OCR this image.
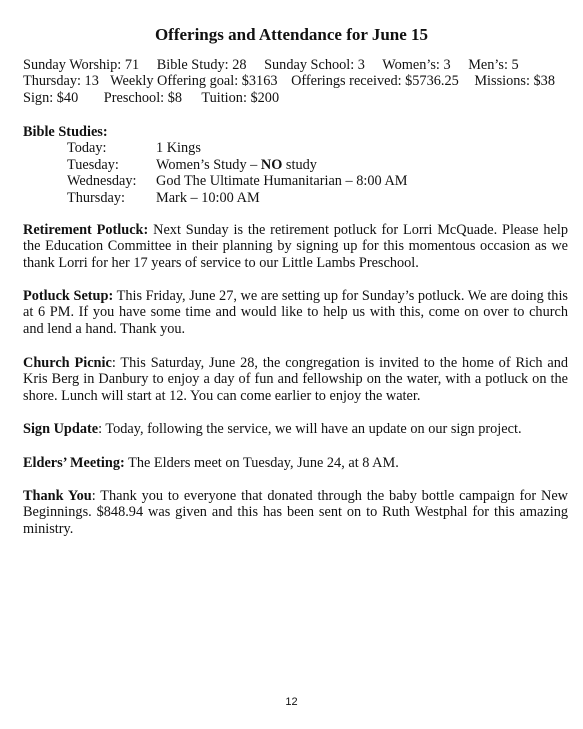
Offerings and Attendance for June 15
Sunday Worship: 71 Bible Study: 28 Sunday School: 3 Women’s: 3 Men’s: 5
Thursday: 13 Weekly Offering goal: $3163 Offerings received: $5736.25 Missions: $38
Sign: $40 Preschool: $8 Tuition: $200
Bible Studies:
Today:	1 Kings
Tuesday:	Women’s Study – NO study
Wednesday:	God The Ultimate Humanitarian – 8:00 AM
Thursday:	Mark – 10:00 AM
Retirement Potluck: Next Sunday is the retirement potluck for Lorri McQuade. Please help the Education Committee in their planning by signing up for this momentous occasion as we thank Lorri for her 17 years of service to our Little Lambs Preschool.
Potluck Setup: This Friday, June 27, we are setting up for Sunday’s potluck. We are doing this at 6 PM. If you have some time and would like to help us with this, come on over to church and lend a hand. Thank you.
Church Picnic: This Saturday, June 28, the congregation is invited to the home of Rich and Kris Berg in Danbury to enjoy a day of fun and fellowship on the water, with a potluck on the shore. Lunch will start at 12. You can come earlier to enjoy the water.
Sign Update: Today, following the service, we will have an update on our sign project.
Elders’ Meeting: The Elders meet on Tuesday, June 24, at 8 AM.
Thank You: Thank you to everyone that donated through the baby bottle campaign for New Beginnings. $848.94 was given and this has been sent on to Ruth Westphal for this amazing ministry.
12
